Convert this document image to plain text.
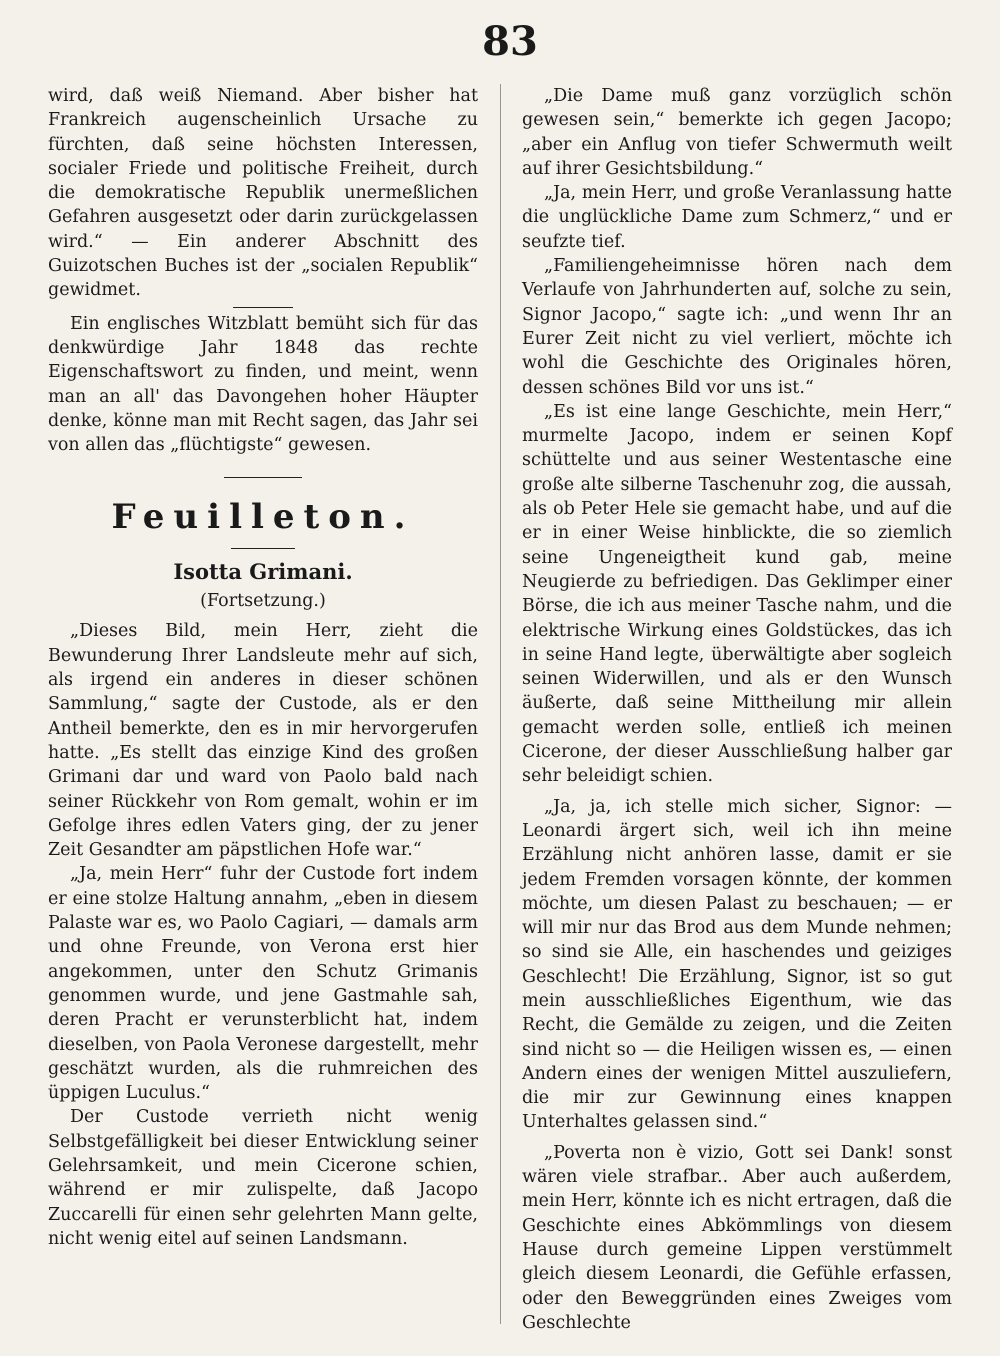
83

wird, daß weiß Niemand. Aber bisher hat Frankreich augenscheinlich Ursache zu fürchten, daß seine höchsten Interessen, socialer Friede und politische Freiheit, durch die demokratische Republik unermeßlichen Gefahren ausgesetzt oder darin zurückgelassen wird.“ — Ein anderer Abschnitt des Guizotschen Buches ist der „socialen Republik“ gewidmet.

Ein englisches Witzblatt bemüht sich für das denkwürdige Jahr 1848 das rechte Eigenschaftswort zu finden, und meint, wenn man an all' das Davongehen hoher Häupter denke, könne man mit Recht sagen, das Jahr sei von allen das „flüchtigste“ gewesen.

Feuilleton.
Isotta Grimani.
(Fortsetzung.)

„Dieses Bild, mein Herr, zieht die Bewunderung Ihrer Landsleute mehr auf sich, als irgend ein anderes in dieser schönen Sammlung,“ sagte der Custode, als er den Antheil bemerkte, den es in mir hervorgerufen hatte. „Es stellt das einzige Kind des großen Grimani dar und ward von Paolo bald nach seiner Rückkehr von Rom gemalt, wohin er im Gefolge ihres edlen Vaters ging, der zu jener Zeit Gesandter am päpstlichen Hofe war.“

„Ja, mein Herr“ fuhr der Custode fort indem er eine stolze Haltung annahm, „eben in diesem Palaste war es, wo Paolo Cagiari, — damals arm und ohne Freunde, von Verona erst hier angekommen, unter den Schutz Grimanis genommen wurde, und jene Gastmahle sah, deren Pracht er verunsterblicht hat, indem dieselben, von Paola Veronese dargestellt, mehr geschätzt wurden, als die ruhmreichen des üppigen Luculus.“

Der Custode verrieth nicht wenig Selbstgefälligkeit bei dieser Entwicklung seiner Gelehrsamkeit, und mein Cicerone schien, während er mir zulispelte, daß Jacopo Zuccarelli für einen sehr gelehrten Mann gelte, nicht wenig eitel auf seinen Landsmann.

„Die Dame muß ganz vorzüglich schön gewesen sein,“ bemerkte ich gegen Jacopo; „aber ein Anflug von tiefer Schwermuth weilt auf ihrer Gesichtsbildung.“

„Ja, mein Herr, und große Veranlassung hatte die unglückliche Dame zum Schmerz,“ und er seufzte tief.

„Familiengeheimnisse hören nach dem Verlaufe von Jahrhunderten auf, solche zu sein, Signor Jacopo,“ sagte ich: „und wenn Ihr an Eurer Zeit nicht zu viel verliert, möchte ich wohl die Geschichte des Originales hören, dessen schönes Bild vor uns ist.“

„Es ist eine lange Geschichte, mein Herr,“ murmelte Jacopo, indem er seinen Kopf schüttelte und aus seiner Westentasche eine große alte silberne Taschenuhr zog, die aussah, als ob Peter Hele sie gemacht habe, und auf die er in einer Weise hinblickte, die so ziemlich seine Ungeneigtheit kund gab, meine Neugierde zu befriedigen. Das Geklimper einer Börse, die ich aus meiner Tasche nahm, und die elektrische Wirkung eines Goldstückes, das ich in seine Hand legte, überwältigte aber sogleich seinen Widerwillen, und als er den Wunsch äußerte, daß seine Mittheilung mir allein gemacht werden solle, entließ ich meinen Cicerone, der dieser Ausschließung halber gar sehr beleidigt schien.

„Ja, ja, ich stelle mich sicher, Signor: — Leonardi ärgert sich, weil ich ihn meine Erzählung nicht anhören lasse, damit er sie jedem Fremden vorsagen könnte, der kommen möchte, um diesen Palast zu beschauen; — er will mir nur das Brod aus dem Munde nehmen; so sind sie Alle, ein haschendes und geiziges Geschlecht! Die Erzählung, Signor, ist so gut mein ausschließliches Eigenthum, wie das Recht, die Gemälde zu zeigen, und die Zeiten sind nicht so — die Heiligen wissen es, — einen Andern eines der wenigen Mittel auszuliefern, die mir zur Gewinnung eines knappen Unterhaltes gelassen sind.“

„Poverta non è vizio, Gott sei Dank! sonst wären viele strafbar.. Aber auch außerdem, mein Herr, könnte ich es nicht ertragen, daß die Geschichte eines Abkömmlings von diesem Hause durch gemeine Lippen verstümmelt gleich diesem Leonardi, die Gefühle erfassen, oder den Beweggründen eines Zweiges vom Geschlechte
